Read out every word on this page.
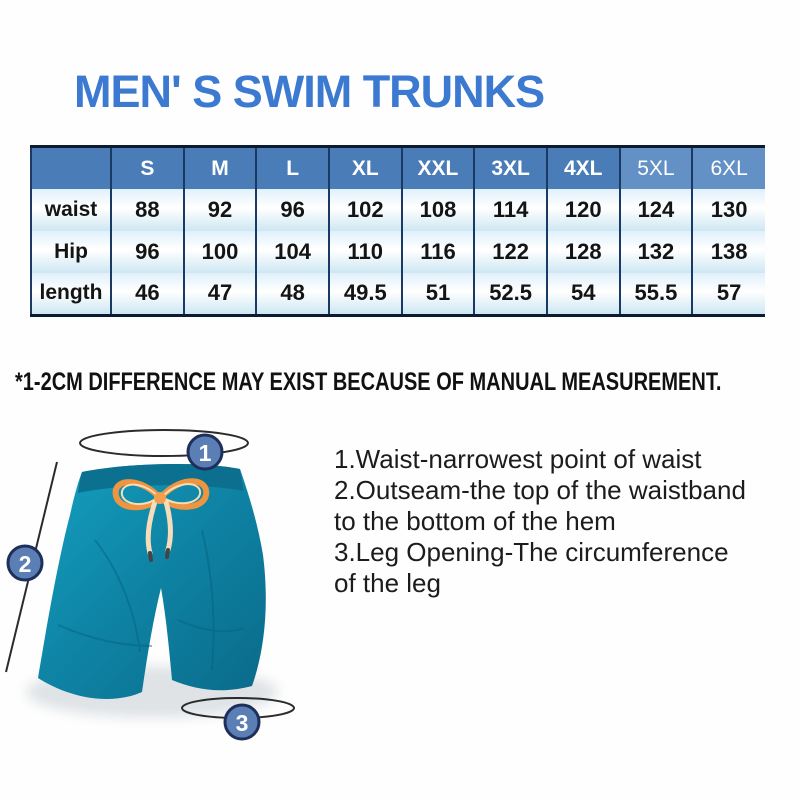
MEN' S SWIM TRUNKS
	S	M	L	XL	XXL	3XL	4XL	5XL	6XL
waist	88	92	96	102	108	114	120	124	130
Hip	96	100	104	110	116	122	128	132	138
length	46	47	48	49.5	51	52.5	54	55.5	57

*1-2CM DIFFERENCE MAY EXIST BECAUSE OF MANUAL MEASUREMENT.

1
2
3
1.Waist-narrowest point of waist
2.Outseam-the top of the waistband
to the bottom of the hem
3.Leg Opening-The circumference
of the leg
